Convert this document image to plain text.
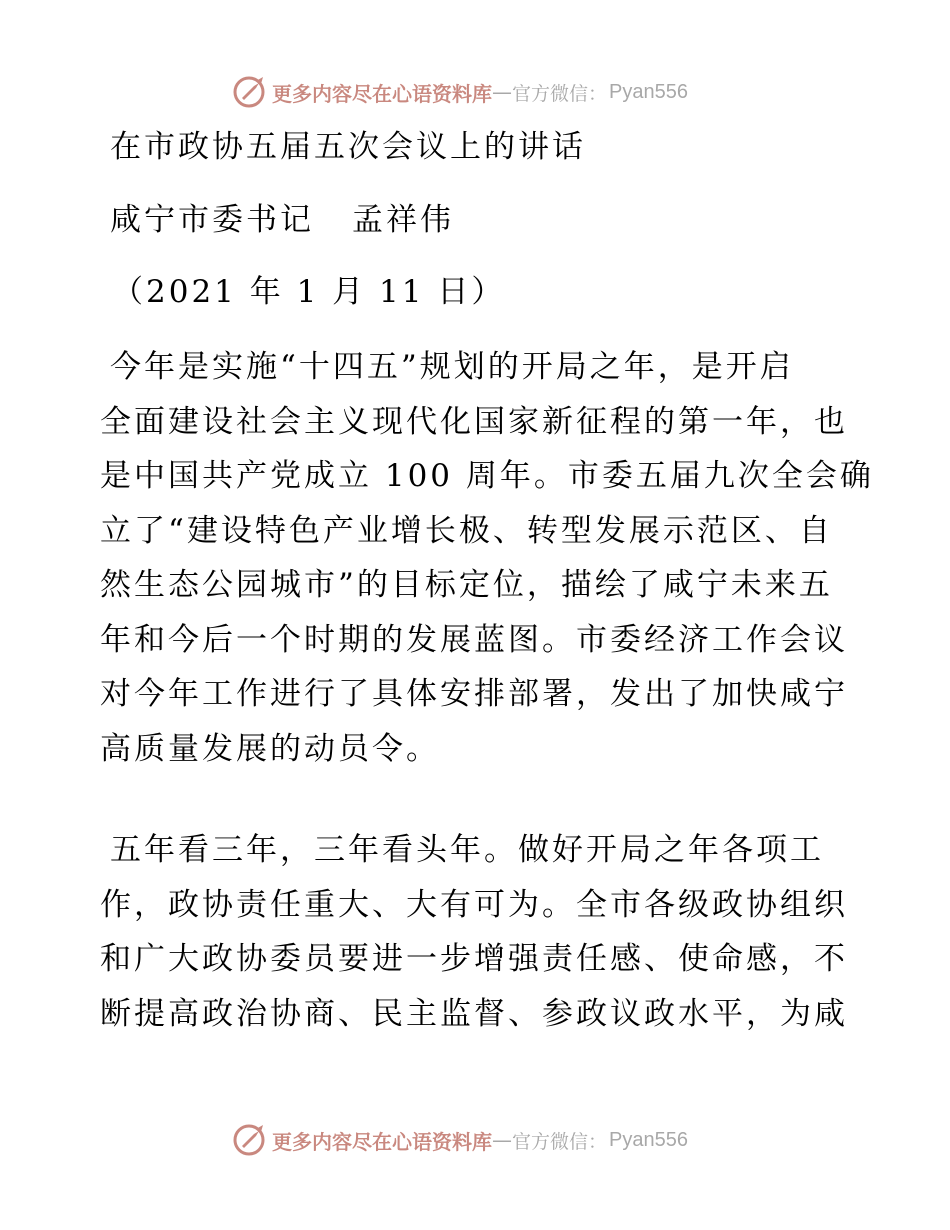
更多内容尽在心语资料库 — 官方微信： Pyan556
在市政协五届五次会议上的讲话
咸宁市委书记 孟祥伟
（2021 年 1 月 11 日）

今年是实施“十四五”规划的开局之年，是开启

全面建设社会主义现代化国家新征程的第一年，也

是中国共产党成立 100 周年。市委五届九次全会确

立了“建设特色产业增长极、转型发展示范区、自

然生态公园城市”的目标定位，描绘了咸宁未来五

年和今后一个时期的发展蓝图。市委经济工作会议

对今年工作进行了具体安排部署，发出了加快咸宁

高质量发展的动员令。

五年看三年，三年看头年。做好开局之年各项工

作，政协责任重大、大有可为。全市各级政协组织

和广大政协委员要进一步增强责任感、使命感，不

断提高政治协商、民主监督、参政议政水平，为咸

更多内容尽在心语资料库 — 官方微信： Pyan556
